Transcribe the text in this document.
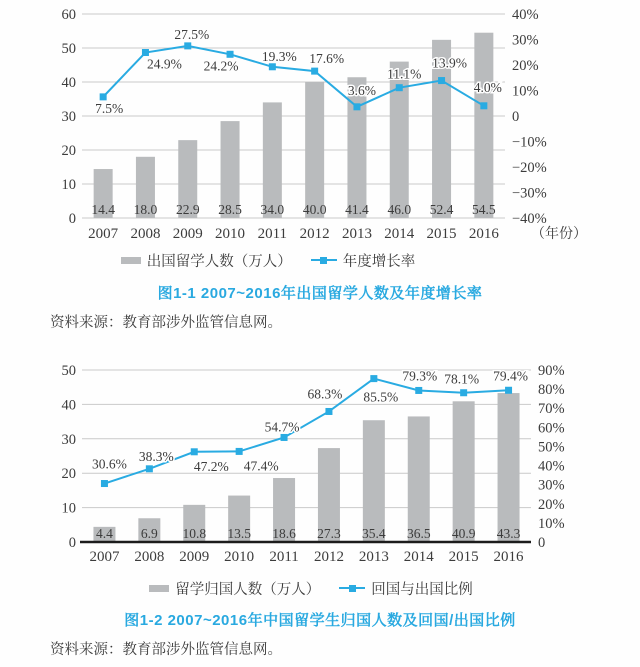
60
50
40
30
20
10
0
40%
30%
20%
10%
0
−10%
−20%
−30%
−40%
14.4 18.0 22.9 28.5 34.0 40.0 41.4 46.0 52.4 54.5
2007 2008 2009 2010 2011 2012 2013 2014 2015 2016 （年份）
7.5%
24.9%
27.5%
24.2%
19.3% 17.6%
3.6%
11.1%
13.9%
4.0%
出国留学人数（万人）	年度增长率
图1-1 2007~2016年出国留学人数及年度增长率
资料来源：教育部涉外监管信息网。
50
40
30
20
10
0
90%
80%
70%
60%
50%
40%
30%
20%
10%
0
4.4 6.9 10.8 13.5 18.6 27.3 35.4 36.5 40.9 43.3
2007 2008 2009 2010 2011 2012 2013 2014 2015 2016
30.6%
38.3%
47.2% 47.4%
54.7%
68.3% 85.5%
79.3% 78.1% 79.4%
留学归国人数（万人）	回国与出国比例
图1-2 2007~2016年中国留学生归国人数及回国/出国比例
资料来源：教育部涉外监管信息网。
